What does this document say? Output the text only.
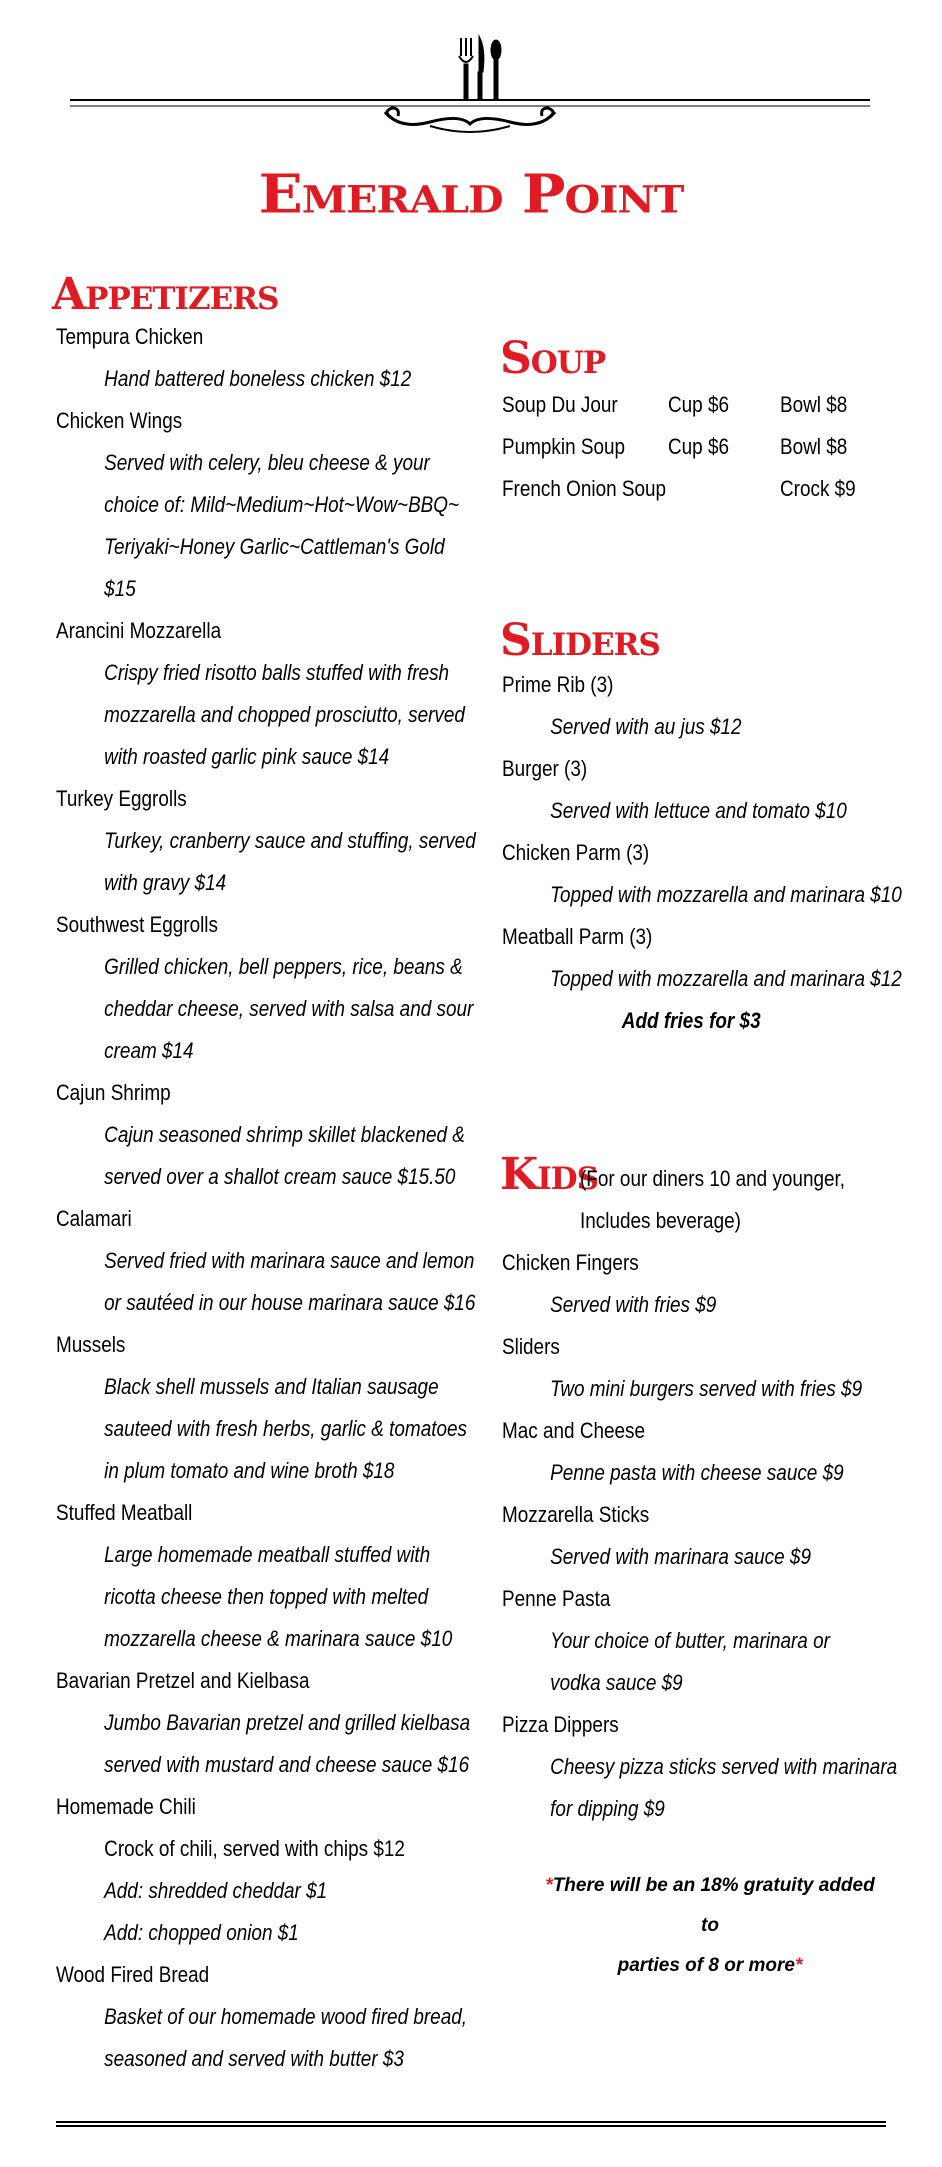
Emerald Point
Appetizers
Tempura Chicken
Hand battered boneless chicken $12
Chicken Wings
Served with celery, bleu cheese & your
choice of: Mild~Medium~Hot~Wow~BBQ~
Teriyaki~Honey Garlic~Cattleman's Gold
$15
Arancini Mozzarella
Crispy fried risotto balls stuffed with fresh
mozzarella and chopped prosciutto, served
with roasted garlic pink sauce $14
Turkey Eggrolls
Turkey, cranberry sauce and stuffing, served
with gravy $14
Southwest Eggrolls
Grilled chicken, bell peppers, rice, beans &
cheddar cheese, served with salsa and sour
cream $14
Cajun Shrimp
Cajun seasoned shrimp skillet blackened &
served over a shallot cream sauce $15.50
Calamari
Served fried with marinara sauce and lemon
or sautéed in our house marinara sauce $16
Mussels
Black shell mussels and Italian sausage
sauteed with fresh herbs, garlic & tomatoes
in plum tomato and wine broth $18
Stuffed Meatball
Large homemade meatball stuffed with
ricotta cheese then topped with melted
mozzarella cheese & marinara sauce $10
Bavarian Pretzel and Kielbasa
Jumbo Bavarian pretzel and grilled kielbasa
served with mustard and cheese sauce $16
Homemade Chili
Crock of chili, served with chips $12
Add: shredded cheddar $1
Add: chopped onion $1
Wood Fired Bread
Basket of our homemade wood fired bread,
seasoned and served with butter $3
Soup
Soup Du Jour Cup $6 Bowl $8
Pumpkin Soup Cup $6 Bowl $8
French Onion Soup	Crock $9
Sliders
Prime Rib (3)
Served with au jus $12
Burger (3)
Served with lettuce and tomato $10
Chicken Parm (3)
Topped with mozzarella and marinara $10
Meatball Parm (3)
Topped with mozzarella and marinara $12
Add fries for $3
Kids
(For our diners 10 and younger,
Includes beverage)
Chicken Fingers
Served with fries $9
Sliders
Two mini burgers served with fries $9
Mac and Cheese
Penne pasta with cheese sauce $9
Mozzarella Sticks
Served with marinara sauce $9
Penne Pasta
Your choice of butter, marinara or
vodka sauce $9
Pizza Dippers
Cheesy pizza sticks served with marinara
for dipping $9
*There will be an 18% gratuity added to
parties of 8 or more*
